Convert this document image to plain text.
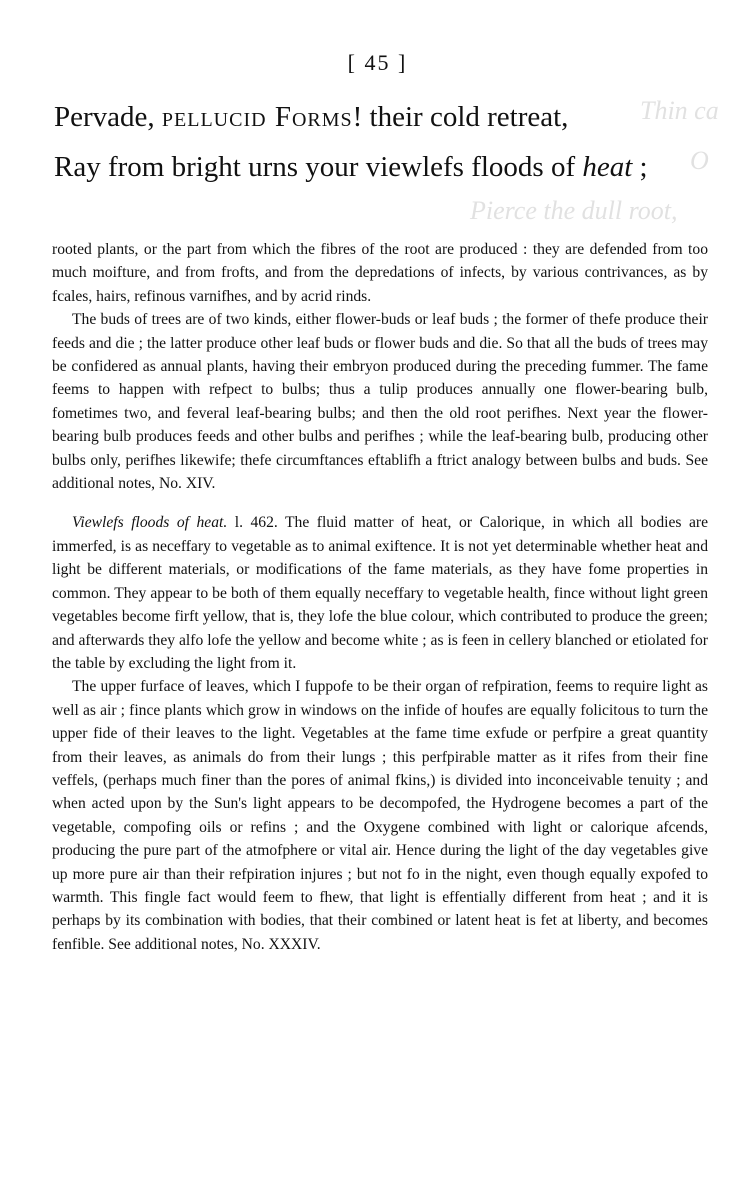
[ 45 ]
Thin ca
O
Pierce the dull root,
Pervade, pellucid Forms! their cold retreat,
Ray from bright urns your viewlefs floods of heat ;

rooted plants, or the part from which the fibres of the root are produced : they are defended from too much moifture, and from frofts, and from the depredations of infects, by various contrivances, as by fcales, hairs, refinous varnifhes, and by acrid rinds.

The buds of trees are of two kinds, either flower-buds or leaf buds ; the former of thefe produce their feeds and die ; the latter produce other leaf buds or flower buds and die. So that all the buds of trees may be confidered as annual plants, having their embryon produced during the preceding fummer. The fame feems to happen with refpect to bulbs; thus a tulip produces annually one flower-bearing bulb, fometimes two, and feveral leaf-bearing bulbs; and then the old root perifhes. Next year the flower-bearing bulb produces feeds and other bulbs and perifhes ; while the leaf-bearing bulb, producing other bulbs only, perifhes likewife; thefe circumftances eftablifh a ftrict analogy between bulbs and buds. See additional notes, No. XIV.

Viewlefs floods of heat. l. 462. The fluid matter of heat, or Calorique, in which all bodies are immerfed, is as neceffary to vegetable as to animal exiftence. It is not yet determinable whether heat and light be different materials, or modifications of the fame materials, as they have fome properties in common. They appear to be both of them equally neceffary to vegetable health, fince without light green vegetables become firft yellow, that is, they lofe the blue colour, which contributed to produce the green; and afterwards they alfo lofe the yellow and become white ; as is feen in cellery blanched or etiolated for the table by excluding the light from it.

The upper furface of leaves, which I fuppofe to be their organ of refpiration, feems to require light as well as air ; fince plants which grow in windows on the infide of houfes are equally folicitous to turn the upper fide of their leaves to the light. Vegetables at the fame time exfude or perfpire a great quantity from their leaves, as animals do from their lungs ; this perfpirable matter as it rifes from their fine veffels, (perhaps much finer than the pores of animal fkins,) is divided into inconceivable tenuity ; and when acted upon by the Sun's light appears to be decompofed, the Hydrogene becomes a part of the vegetable, compofing oils or refins ; and the Oxygene combined with light or calorique afcends, producing the pure part of the atmofphere or vital air. Hence during the light of the day vegetables give up more pure air than their refpiration injures ; but not fo in the night, even though equally expofed to warmth. This fingle fact would feem to fhew, that light is effentially different from heat ; and it is perhaps by its combination with bodies, that their combined or latent heat is fet at liberty, and becomes fenfible. See additional notes, No. XXXIV.
